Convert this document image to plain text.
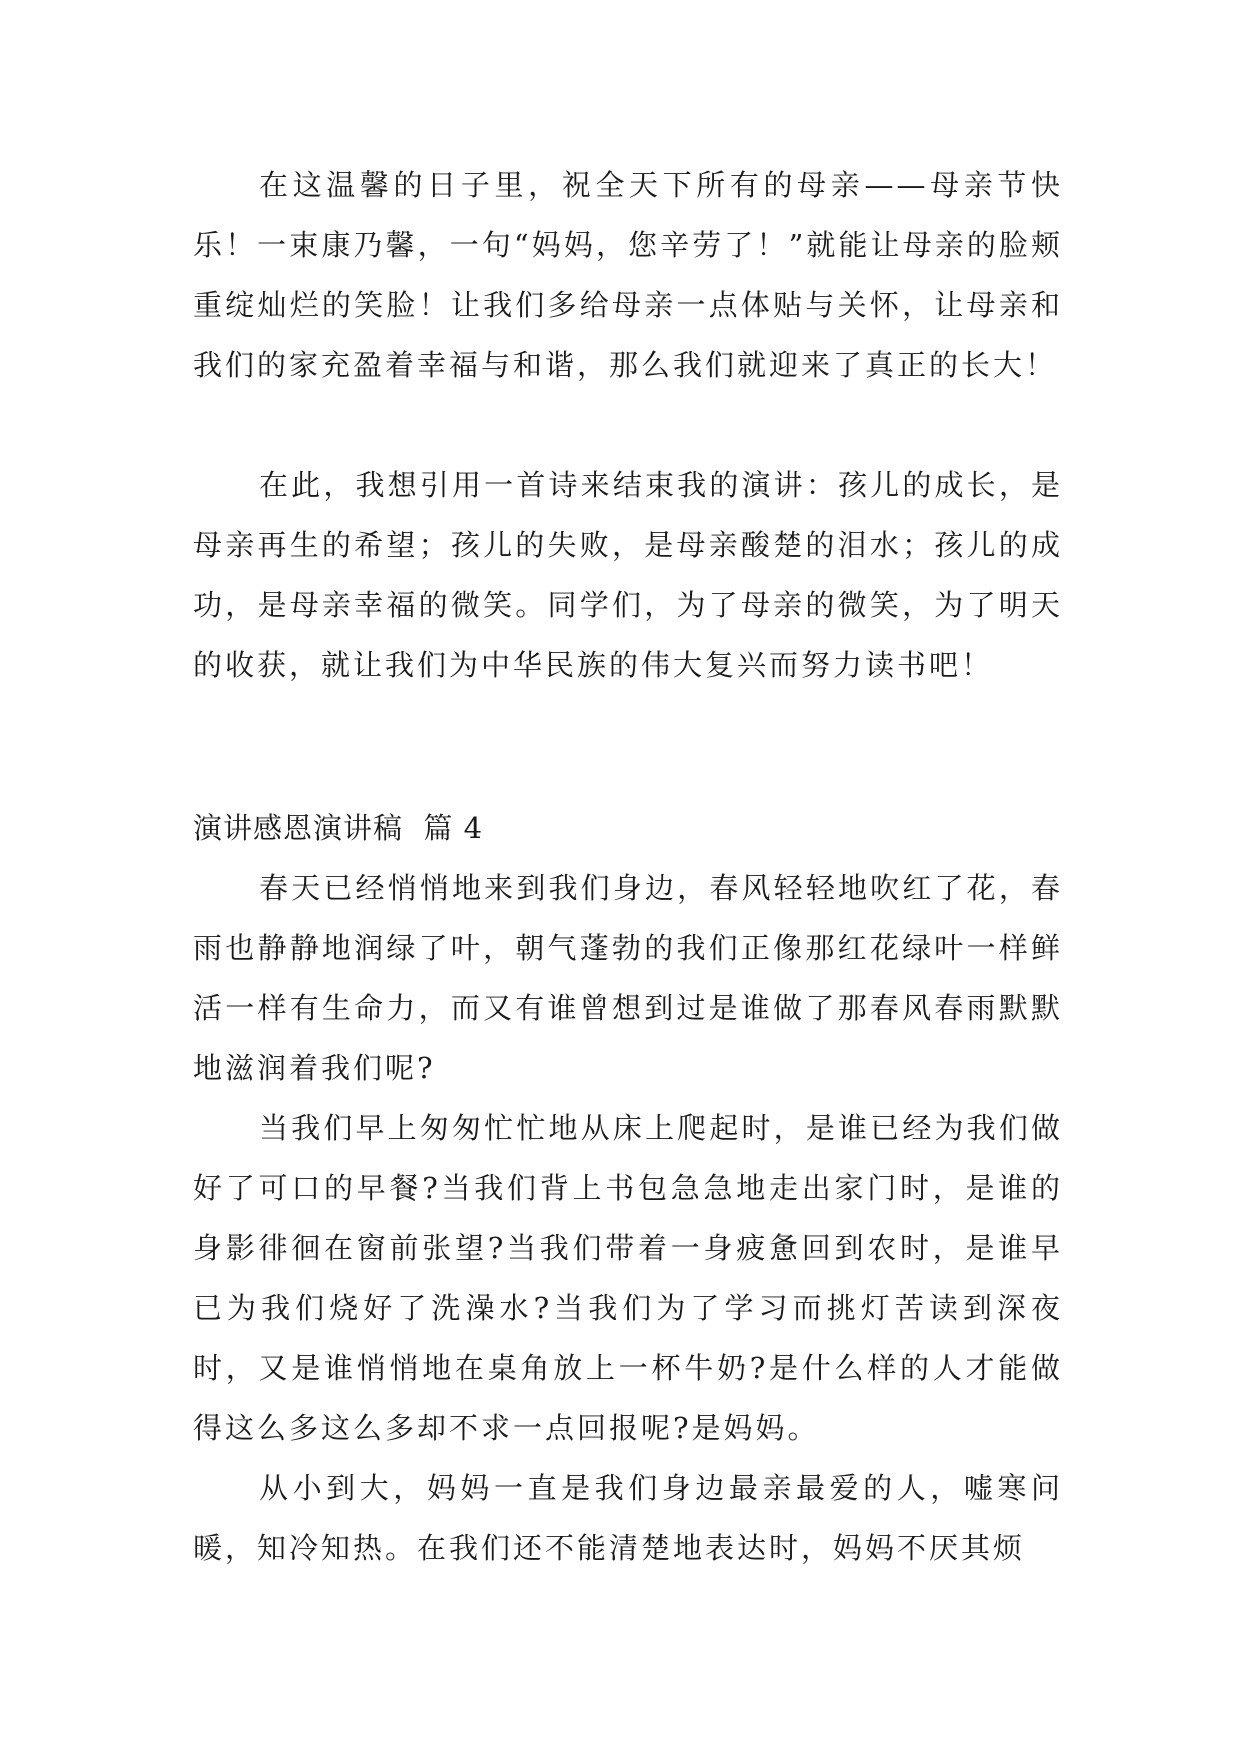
在这温馨的日子里，祝全天下所有的母亲——母亲节快乐！一束康乃馨，一句“妈妈，您辛劳了！”就能让母亲的脸颊重绽灿烂的笑脸！让我们多给母亲一点体贴与关怀，让母亲和我们的家充盈着幸福与和谐，那么我们就迎来了真正的长大！

在此，我想引用一首诗来结束我的演讲：孩儿的成长，是母亲再生的希望；孩儿的失败，是母亲酸楚的泪水；孩儿的成功，是母亲幸福的微笑。同学们，为了母亲的微笑，为了明天的收获，就让我们为中华民族的伟大复兴而努力读书吧！

演讲感恩演讲稿  篇 4

春天已经悄悄地来到我们身边，春风轻轻地吹红了花，春雨也静静地润绿了叶，朝气蓬勃的我们正像那红花绿叶一样鲜活一样有生命力，而又有谁曾想到过是谁做了那春风春雨默默地滋润着我们呢?

当我们早上匆匆忙忙地从床上爬起时，是谁已经为我们做好了可口的早餐?当我们背上书包急急地走出家门时，是谁的身影徘徊在窗前张望?当我们带着一身疲惫回到农时，是谁早已为我们烧好了洗澡水?当我们为了学习而挑灯苦读到深夜时，又是谁悄悄地在桌角放上一杯牛奶?是什么样的人才能做得这么多这么多却不求一点回报呢?是妈妈。

从小到大，妈妈一直是我们身边最亲最爱的人，嘘寒问暖，知冷知热。在我们还不能清楚地表达时，妈妈不厌其烦
